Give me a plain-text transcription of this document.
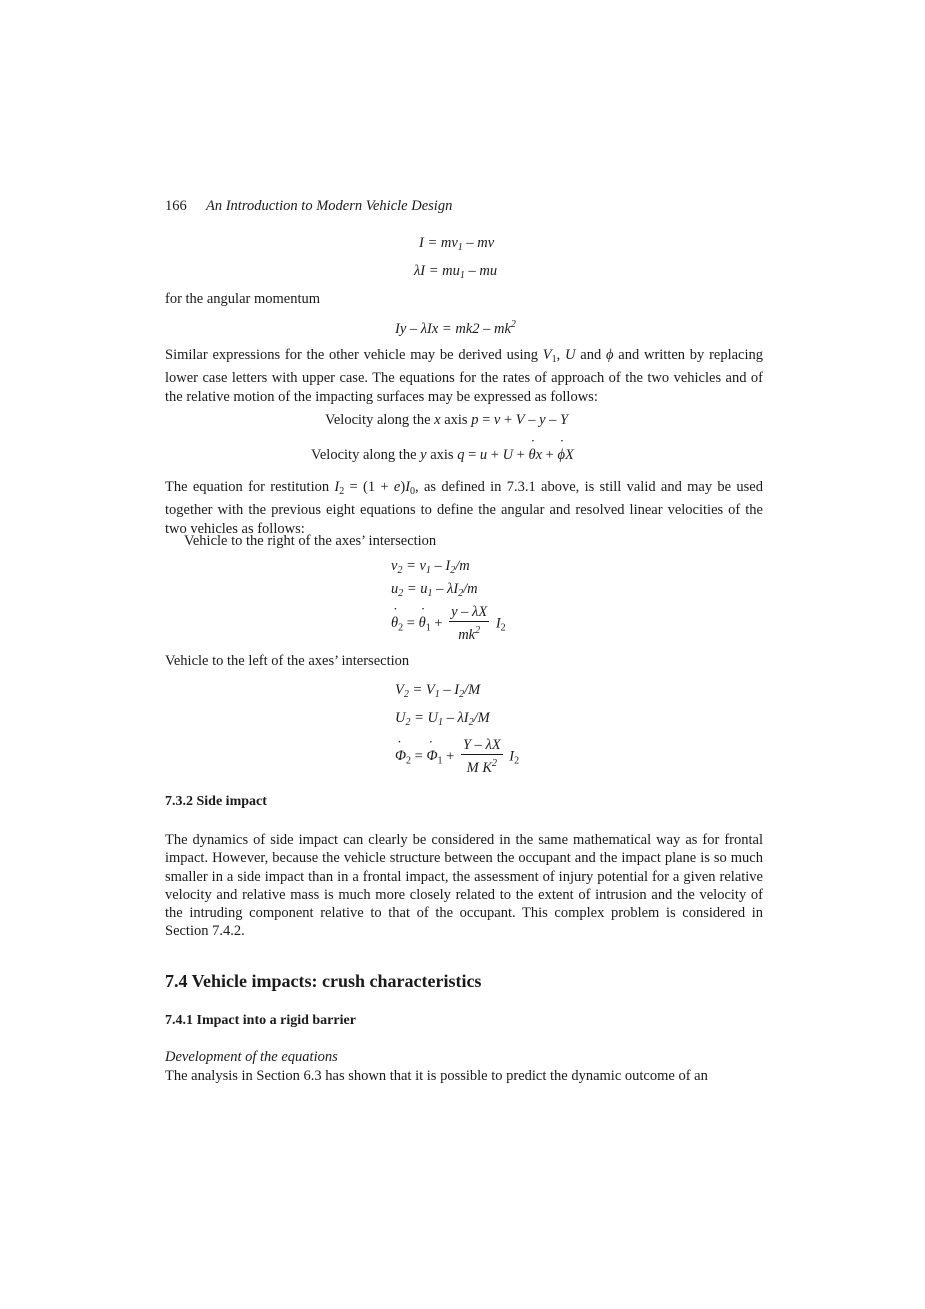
166 An Introduction to Modern Vehicle Design
$I = mv_1$ – mv
$\lambda I = mu_1$ – mu
for the angular momentum
$Iy - \lambda Ix = mk2 - mk^2$
Similar expressions for the other vehicle may be derived using $V_1$, U and ϕ and written by replacing lower case letters with upper case. The equations for the rates of approach of the two vehicles and of the relative motion of the impacting surfaces may be expressed as follows:
Velocity along the x axis p = v + V – y – Y
Velocity along the y axis q = u + U + ˙ θx + ˙ ϕX
The equation for restitution $I_2 = (1 + e)I_0$, as defined in 7.3.1 above, is still valid and may be used together with the previous eight equations to define the angular and resolved linear velocities of the two vehicles as follows:
Vehicle to the right of the axes’ intersection
$v_2 = v_1 - I_2/m$
$u_2 = u_1 - \lambda I_2/m$
˙ $\theta_2$ = ˙ $\theta_1 + \frac{y - \lambda X}{mk^2} I_2$
Vehicle to the left of the axes’ intersection
$V_2 = V_1 - I_2/M$
$U_2 = U_1 - \lambda I_2/M$
˙ $\Phi_2$ = ˙ $\Phi_1 + \frac{Y - \lambda X}{M K^2} I_2$
7.3.2 Side impact
The dynamics of side impact can clearly be considered in the same mathematical way as for frontal impact. However, because the vehicle structure between the occupant and the impact plane is so much smaller in a side impact than in a frontal impact, the assessment of injury potential for a given relative velocity and relative mass is much more closely related to the extent of intrusion and the velocity of the intruding component relative to that of the occupant. This complex problem is considered in Section 7.4.2.
7.4 Vehicle impacts: crush characteristics
7.4.1 Impact into a rigid barrier
Development of the equations
The analysis in Section 6.3 has shown that it is possible to predict the dynamic outcome of an
